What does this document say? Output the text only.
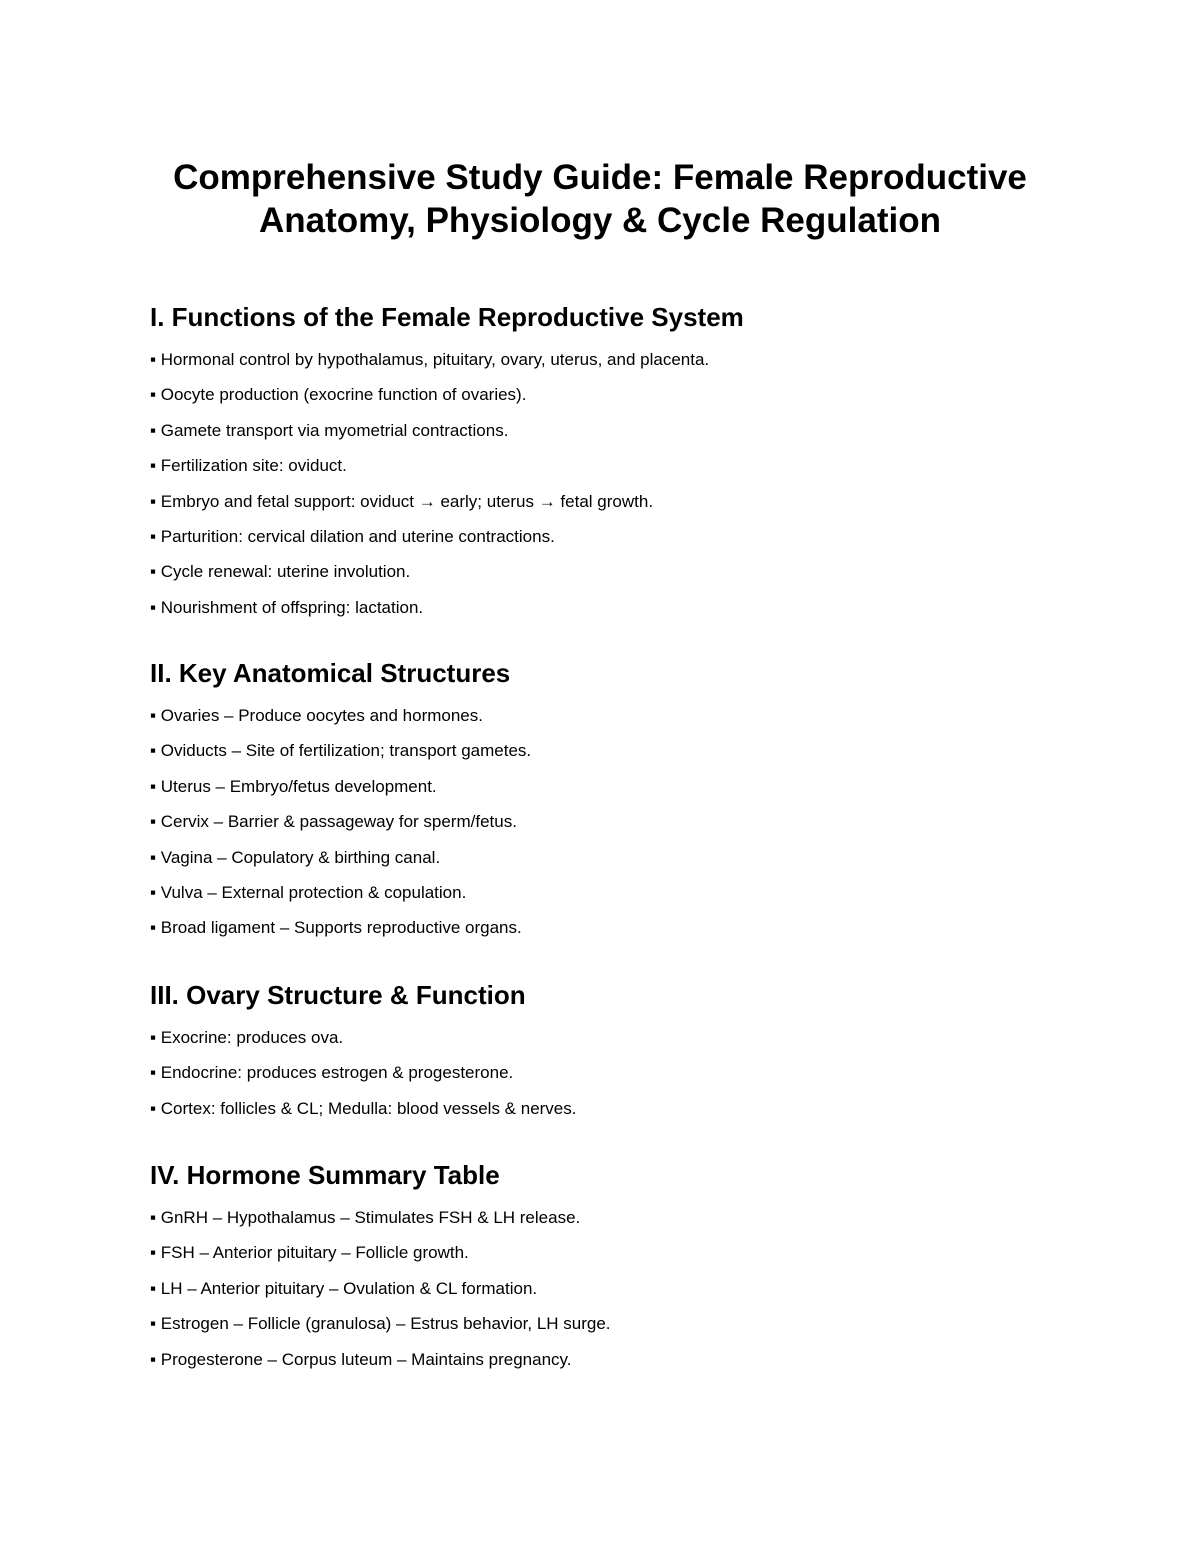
Comprehensive Study Guide: Female Reproductive
Anatomy, Physiology & Cycle Regulation
I. Functions of the Female Reproductive System
▪ Hormonal control by hypothalamus, pituitary, ovary, uterus, and placenta.
▪ Oocyte production (exocrine function of ovaries).
▪ Gamete transport via myometrial contractions.
▪ Fertilization site: oviduct.
▪ Embryo and fetal support: oviduct → early; uterus → fetal growth.
▪ Parturition: cervical dilation and uterine contractions.
▪ Cycle renewal: uterine involution.
▪ Nourishment of offspring: lactation.
II. Key Anatomical Structures
▪ Ovaries – Produce oocytes and hormones.
▪ Oviducts – Site of fertilization; transport gametes.
▪ Uterus – Embryo/fetus development.
▪ Cervix – Barrier & passageway for sperm/fetus.
▪ Vagina – Copulatory & birthing canal.
▪ Vulva – External protection & copulation.
▪ Broad ligament – Supports reproductive organs.
III. Ovary Structure & Function
▪ Exocrine: produces ova.
▪ Endocrine: produces estrogen & progesterone.
▪ Cortex: follicles & CL; Medulla: blood vessels & nerves.
IV. Hormone Summary Table
▪ GnRH – Hypothalamus – Stimulates FSH & LH release.
▪ FSH – Anterior pituitary – Follicle growth.
▪ LH – Anterior pituitary – Ovulation & CL formation.
▪ Estrogen – Follicle (granulosa) – Estrus behavior, LH surge.
▪ Progesterone – Corpus luteum – Maintains pregnancy.
